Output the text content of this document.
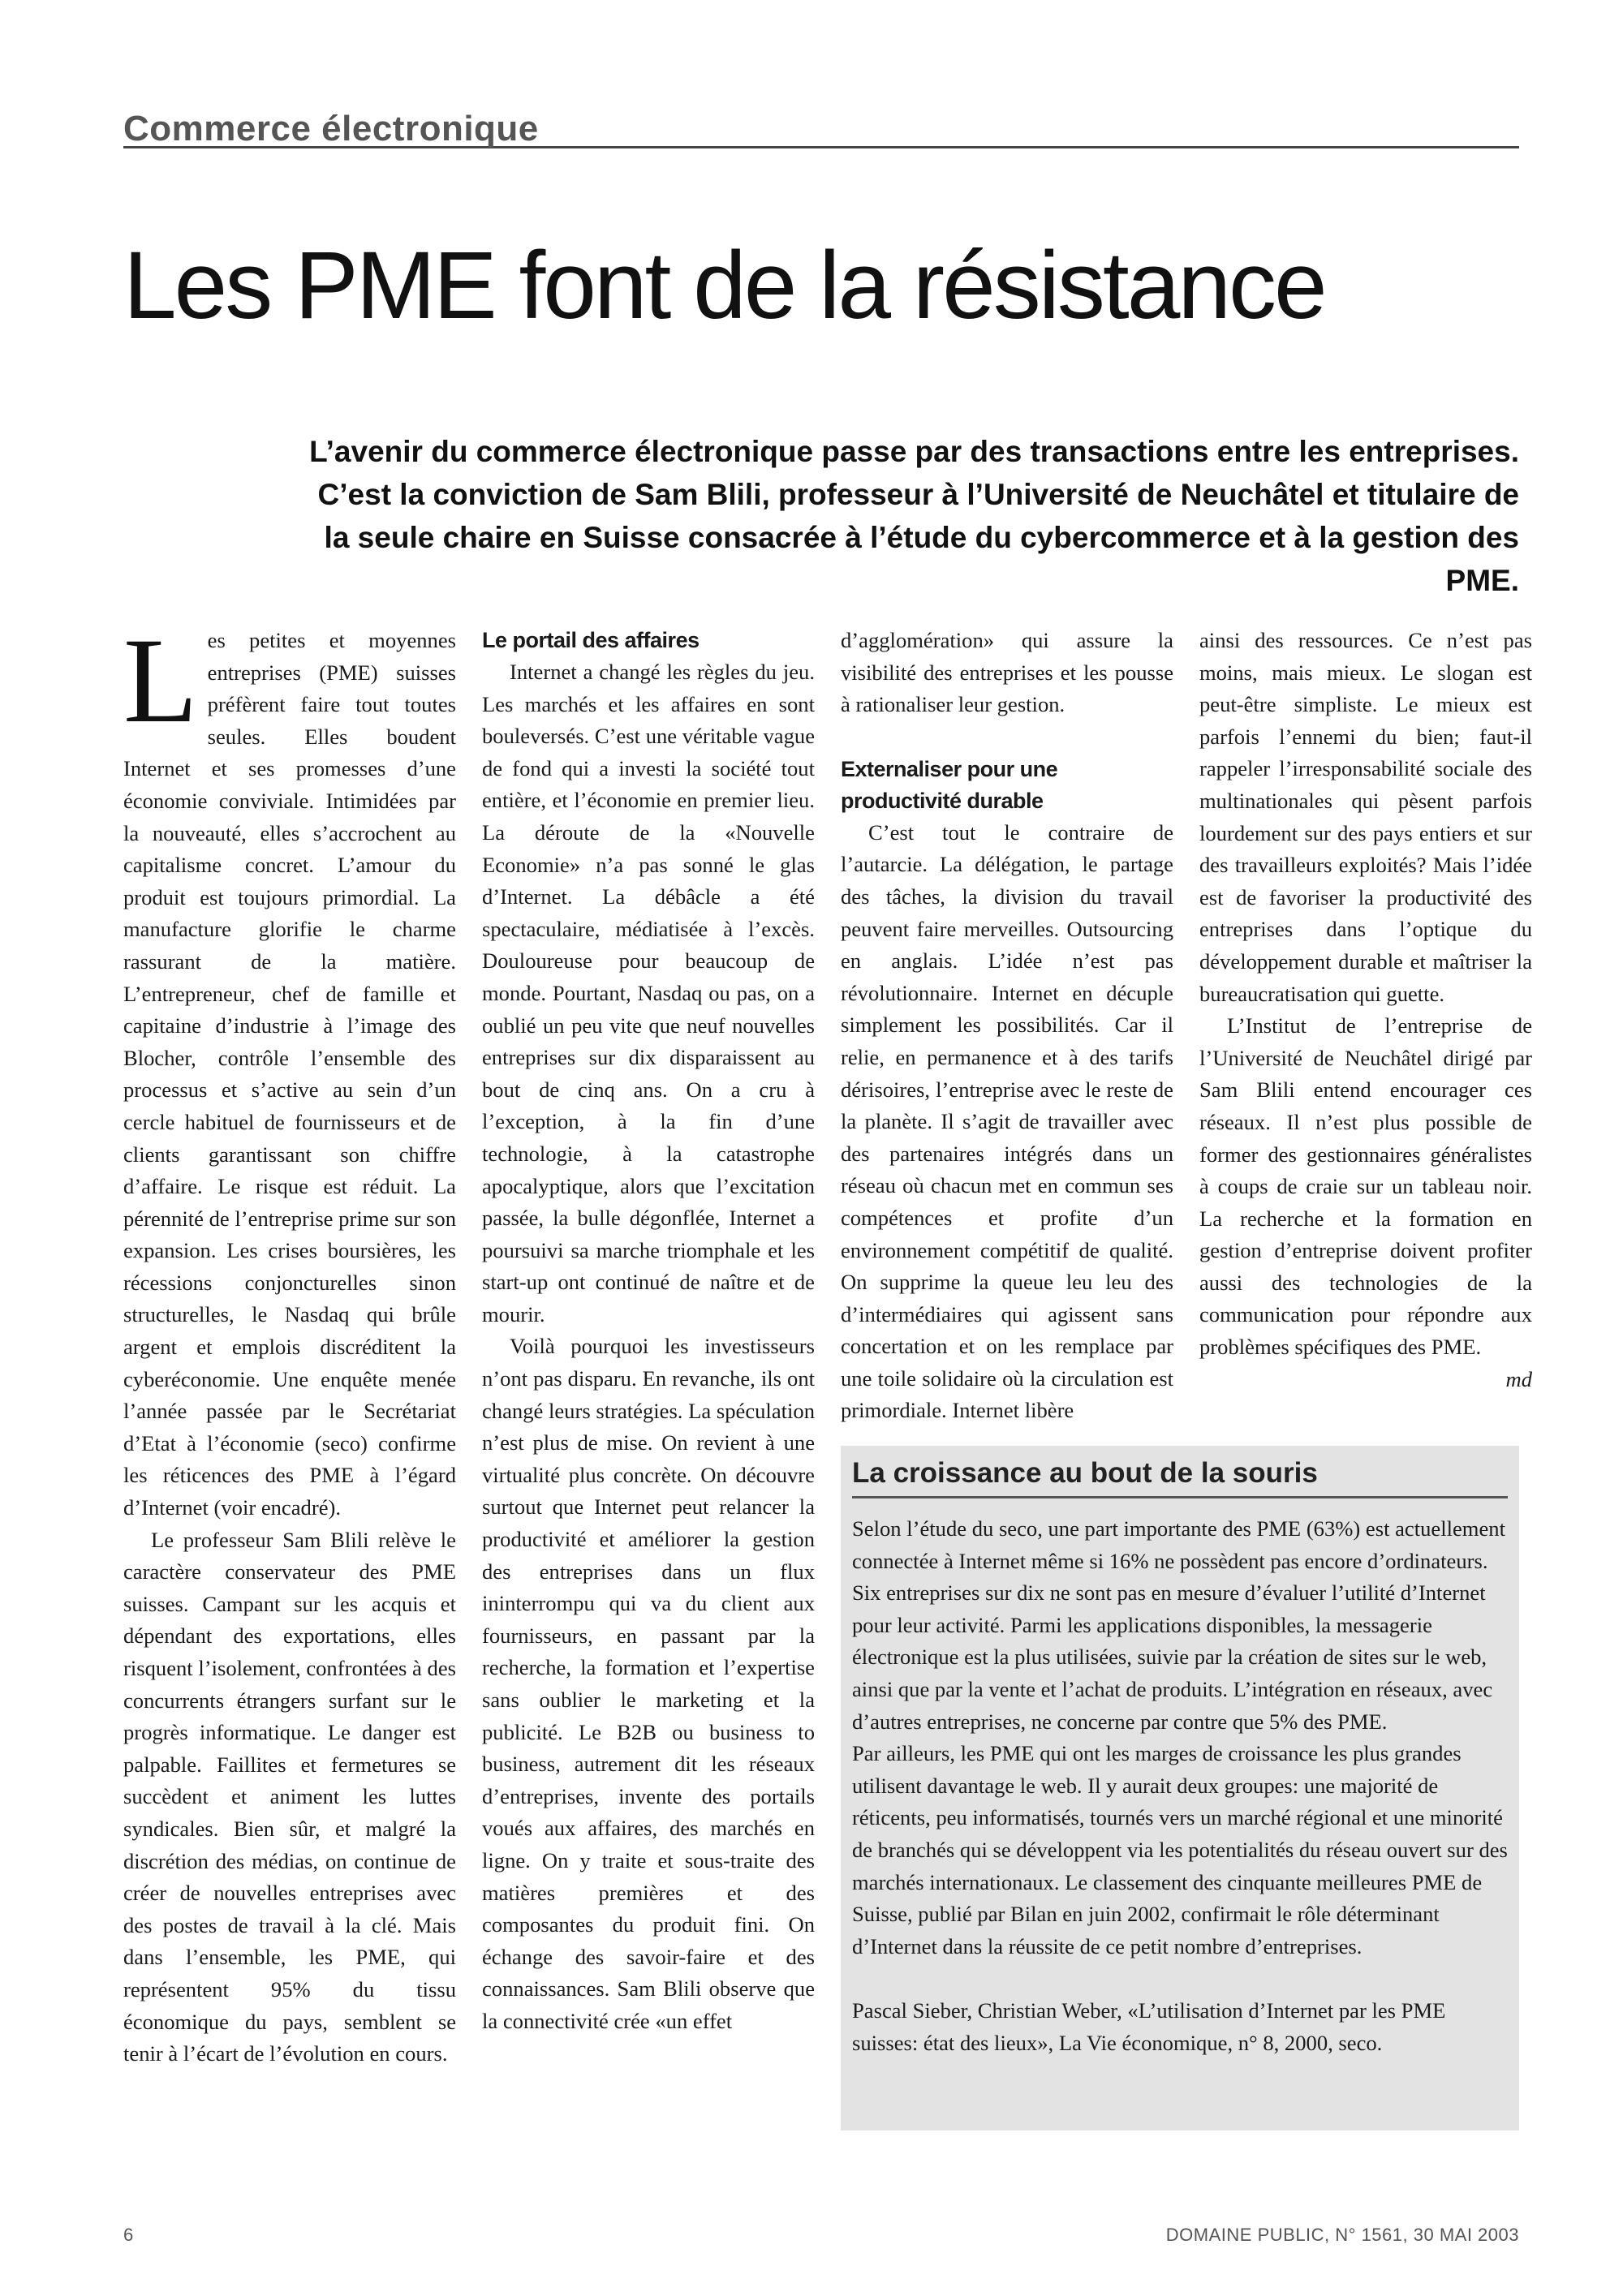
Commerce électronique
Les PME font de la résistance

L’avenir du commerce électronique passe par des transactions entre les entreprises. C’est la conviction de Sam Blili, professeur à l’Université de Neuchâtel et titulaire de la seule chaire en Suisse consacrée à l’étude du cybercommerce et à la gestion des PME.

L es petites et moyennes entreprises (PME) suisses préfèrent faire tout toutes seules. Elles boudent Internet et ses promesses d’une économie conviviale. Intimidées par la nouveauté, elles s’accrochent au capitalisme concret. L’amour du produit est toujours primordial. La manufacture glorifie le charme rassurant de la matière. L’entrepreneur, chef de famille et capitaine d’industrie à l’image des Blocher, contrôle l’ensemble des processus et s’active au sein d’un cercle habituel de fournisseurs et de clients garantissant son chiffre d’affaire. Le risque est réduit. La pérennité de l’entreprise prime sur son expansion. Les crises boursières, les récessions conjoncturelles sinon structurelles, le Nasdaq qui brûle argent et emplois discréditent la cyberéconomie. Une enquête menée l’année passée par le Secrétariat d’Etat à l’économie (seco) confirme les réticences des PME à l’égard d’Internet (voir encadré).

Le professeur Sam Blili relève le caractère conservateur des PME suisses. Campant sur les acquis et dépendant des exportations, elles risquent l’isolement, confrontées à des concurrents étrangers surfant sur le progrès informatique. Le danger est palpable. Faillites et fermetures se succèdent et animent les luttes syndicales. Bien sûr, et malgré la discrétion des médias, on continue de créer de nouvelles entreprises avec des postes de travail à la clé. Mais dans l’ensemble, les PME, qui représentent 95% du tissu économique du pays, semblent se tenir à l’écart de l’évolution en cours.

Le portail des affaires

Internet a changé les règles du jeu. Les marchés et les affaires en sont bouleversés. C’est une véritable vague de fond qui a investi la société tout entière, et l’économie en premier lieu. La déroute de la «Nouvelle Economie» n’a pas sonné le glas d’Internet. La débâcle a été spectaculaire, médiatisée à l’excès. Douloureuse pour beaucoup de monde. Pourtant, Nasdaq ou pas, on a oublié un peu vite que neuf nouvelles entreprises sur dix disparaissent au bout de cinq ans. On a cru à l’exception, à la fin d’une technologie, à la catastrophe apocalyptique, alors que l’excitation passée, la bulle dégonflée, Internet a poursuivi sa marche triomphale et les start-up ont continué de naître et de mourir.

Voilà pourquoi les investisseurs n’ont pas disparu. En revanche, ils ont changé leurs stratégies. La spéculation n’est plus de mise. On revient à une virtualité plus concrète. On découvre surtout que Internet peut relancer la productivité et améliorer la gestion des entreprises dans un flux ininterrompu qui va du client aux fournisseurs, en passant par la recherche, la formation et l’expertise sans oublier le marketing et la publicité. Le B2B ou business to business, autrement dit les réseaux d’entreprises, invente des portails voués aux affaires, des marchés en ligne. On y traite et sous-traite des matières premières et des composantes du produit fini. On échange des savoir-faire et des connaissances. Sam Blili observe que la connectivité crée «un effet

d’agglomération» qui assure la visibilité des entreprises et les pousse à rationaliser leur gestion.

Externaliser pour une productivité durable

C’est tout le contraire de l’autarcie. La délégation, le partage des tâches, la division du travail peuvent faire merveilles. Outsourcing en anglais. L’idée n’est pas révolutionnaire. Internet en décuple simplement les possibilités. Car il relie, en permanence et à des tarifs dérisoires, l’entreprise avec le reste de la planète. Il s’agit de travailler avec des partenaires intégrés dans un réseau où chacun met en commun ses compétences et profite d’un environnement compétitif de qualité. On supprime la queue leu leu des d’intermédiaires qui agissent sans concertation et on les remplace par une toile solidaire où la circulation est primordiale. Internet libère

ainsi des ressources. Ce n’est pas moins, mais mieux. Le slogan est peut-être simpliste. Le mieux est parfois l’ennemi du bien; faut-il rappeler l’irresponsabilité sociale des multinationales qui pèsent parfois lourdement sur des pays entiers et sur des travailleurs exploités? Mais l’idée est de favoriser la productivité des entreprises dans l’optique du développement durable et maîtriser la bureaucratisation qui guette.

L’Institut de l’entreprise de l’Université de Neuchâtel dirigé par Sam Blili entend encourager ces réseaux. Il n’est plus possible de former des gestionnaires généralistes à coups de craie sur un tableau noir. La recherche et la formation en gestion d’entreprise doivent profiter aussi des technologies de la communication pour répondre aux problèmes spécifiques des PME.

md

La croissance au bout de la souris

Selon l’étude du seco, une part importante des PME (63%) est actuellement connectée à Internet même si 16% ne possèdent pas encore d’ordinateurs. Six entreprises sur dix ne sont pas en mesure d’évaluer l’utilité d’Internet pour leur activité. Parmi les applications disponibles, la messagerie électronique est la plus utilisées, suivie par la création de sites sur le web, ainsi que par la vente et l’achat de produits. L’intégration en réseaux, avec d’autres entreprises, ne concerne par contre que 5% des PME.

Par ailleurs, les PME qui ont les marges de croissance les plus grandes utilisent davantage le web. Il y aurait deux groupes: une majorité de réticents, peu informatisés, tournés vers un marché régional et une minorité de branchés qui se développent via les potentialités du réseau ouvert sur des marchés internationaux. Le classement des cinquante meilleures PME de Suisse, publié par Bilan en juin 2002, confirmait le rôle déterminant d’Internet dans la réussite de ce petit nombre d’entreprises.

Pascal Sieber, Christian Weber, «L’utilisation d’Internet par les PME suisses: état des lieux», La Vie économique, n° 8, 2000, seco.

6	DOMAINE PUBLIC, N° 1561, 30 MAI 2003
